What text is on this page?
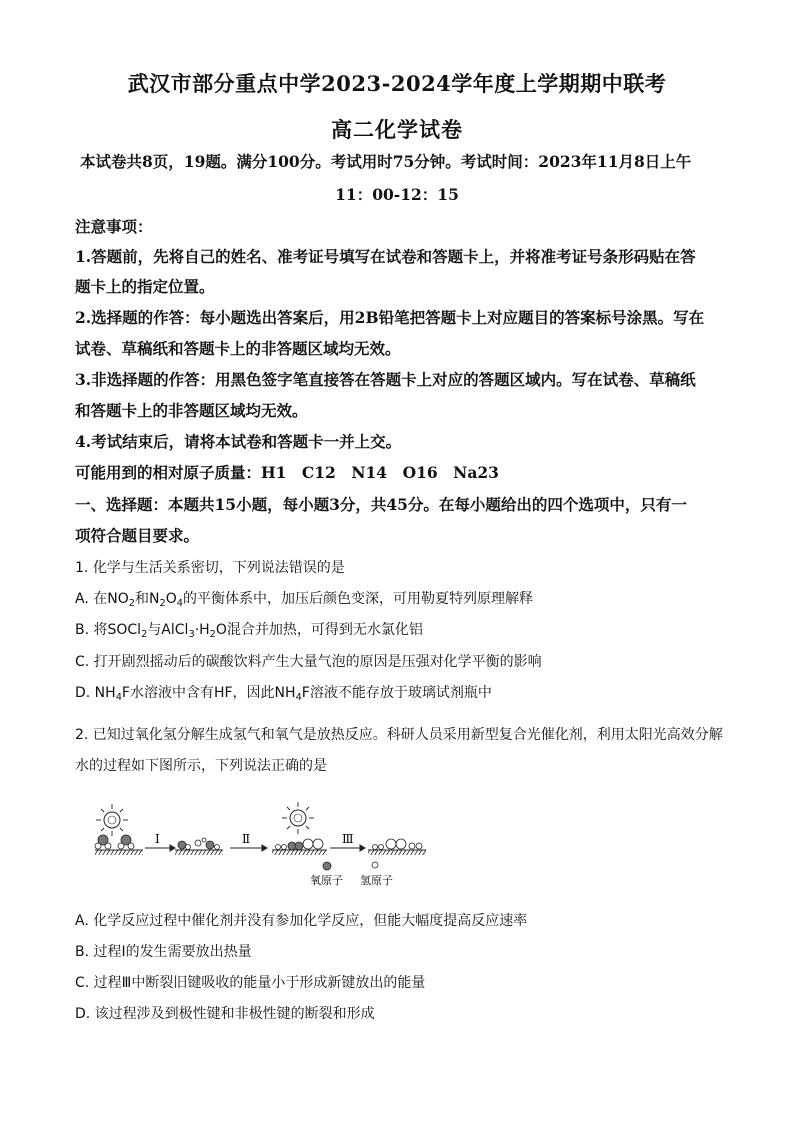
武汉市部分重点中学2023-2024学年度上学期期中联考
高二化学试卷
本试卷共8页，19题。满分100分。考试用时75分钟。考试时间：2023年11月8日上午
11：00-12：15
注意事项：
1.答题前，先将自己的姓名、准考证号填写在试卷和答题卡上，并将准考证号条形码贴在答
题卡上的指定位置。
2.选择题的作答：每小题选出答案后，用2B铅笔把答题卡上对应题目的答案标号涂黑。写在
试卷、草稿纸和答题卡上的非答题区域均无效。
3.非选择题的作答：用黑色签字笔直接答在答题卡上对应的答题区域内。写在试卷、草稿纸
和答题卡上的非答题区域均无效。
4.考试结束后，请将本试卷和答题卡一并上交。
可能用到的相对原子质量：H1　C12　N14　O16　Na23
一、选择题：本题共15小题，每小题3分，共45分。在每小题给出的四个选项中，只有一
项符合题目要求。
1. 化学与生活关系密切，下列说法错误的是
A. 在$NO_2$和$N_2O_4$的平衡体系中，加压后颜色变深，可用勒夏特列原理解释
B. 将SOCl$_2$与$AlCl_3\cdot H_2O$混合并加热，可得到无水氯化铝
C. 打开剧烈摇动后的碳酸饮料产生大量气泡的原因是压强对化学平衡的影响
D. $NH_4F$水溶液中含有HF，因此$NH_4F$溶液不能存放于玻璃试剂瓶中
2. 已知过氧化氢分解生成氢气和氧气是放热反应。科研人员采用新型复合光催化剂，利用太阳光高效分解
水的过程如下图所示，下列说法正确的是
Ⅰ	Ⅱ	Ⅲ
氧原子 氢原子
A. 化学反应过程中催化剂并没有参加化学反应，但能大幅度提高反应速率
B. 过程Ⅰ的发生需要放出热量
C. 过程Ⅲ中断裂旧键吸收的能量小于形成新键放出的能量
D. 该过程涉及到极性键和非极性键的断裂和形成
